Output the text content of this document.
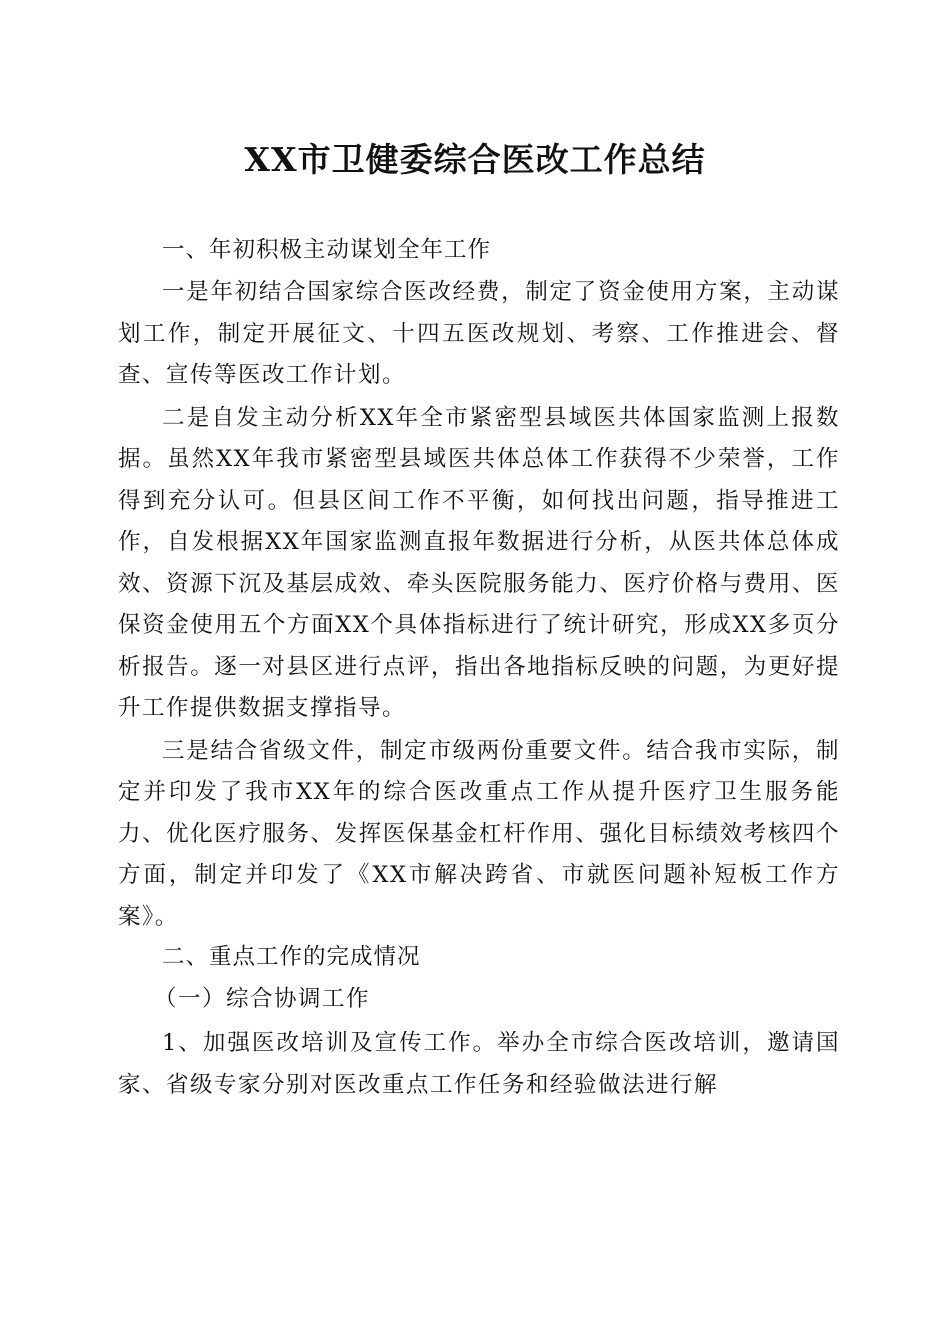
XX市卫健委综合医改工作总结
一、年初积极主动谋划全年工作

一是年初结合国家综合医改经费，制定了资金使用方案，主动谋划工作，制定开展征文、十四五医改规划、考察、工作推进会、督查、宣传等医改工作计划。

二是自发主动分析XX年全市紧密型县域医共体国家监测上报数据。虽然XX年我市紧密型县域医共体总体工作获得不少荣誉，工作得到充分认可。但县区间工作不平衡，如何找出问题，指导推进工作，自发根据XX年国家监测直报年数据进行分析，从医共体总体成效、资源下沉及基层成效、牵头医院服务能力、医疗价格与费用、医保资金使用五个方面XX个具体指标进行了统计研究，形成XX多页分析报告。逐一对县区进行点评，指出各地指标反映的问题，为更好提升工作提供数据支撑指导。

三是结合省级文件，制定市级两份重要文件。结合我市实际，制定并印发了我市XX年的综合医改重点工作从提升医疗卫生服务能力、优化医疗服务、发挥医保基金杠杆作用、强化目标绩效考核四个方面，制定并印发了《XX市解决跨省、市就医问题补短板工作方案》。

二、重点工作的完成情况
（一）综合协调工作

1、加强医改培训及宣传工作。举办全市综合医改培训，邀请国家、省级专家分别对医改重点工作任务和经验做法进行解
